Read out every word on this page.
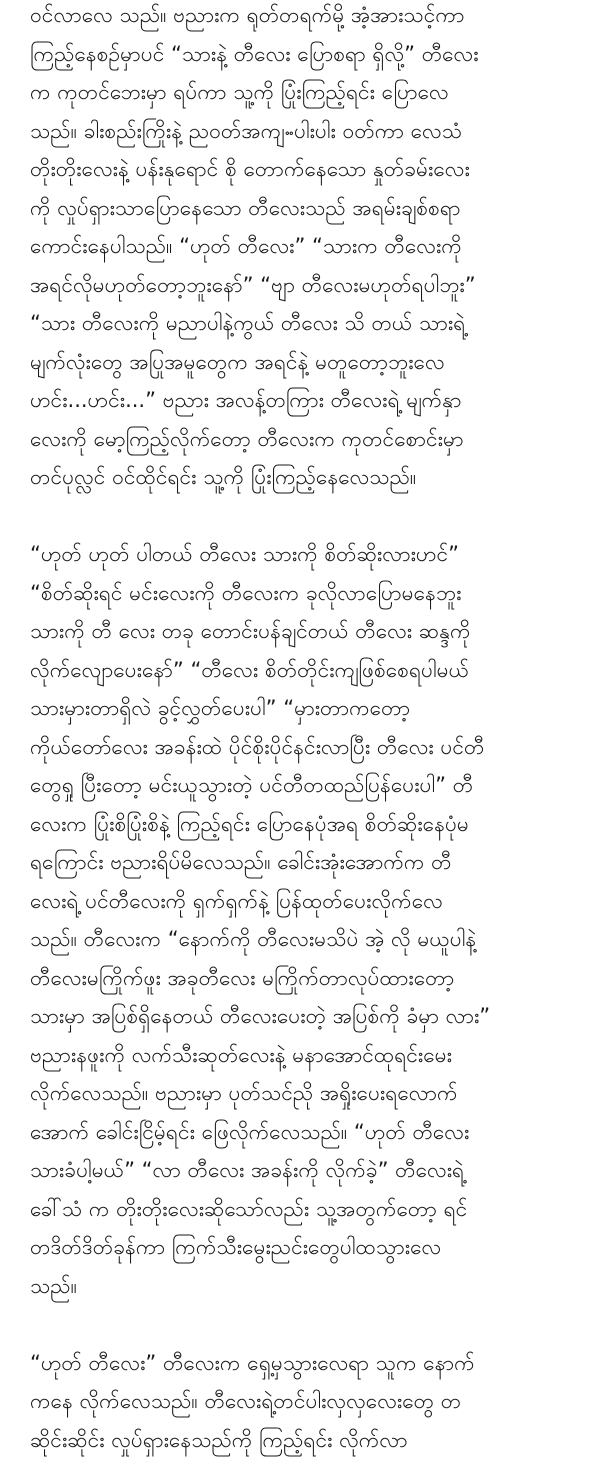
ဝင်လာလေ သည်။ ဗညားက ရုတ်တရက်မို့ အံ့အားသင့်ကာ
ကြည့်နေစဥ်မှာပင် “သားနဲ့ တီလေး ပြောစရာ ရှိလို့” တီလေး
က ကုတင်ဘေးမှာ ရပ်ကာ သူ့ကို ပြုံးကြည့်ရင်း ပြောလေ
သည်။ ခါးစည်းကြိုးနဲ့ ညဝတ်အကျႌပါးပါး ဝတ်ကာ လေသံ
တိုးတိုးလေးနဲ့ ပန်းနုရောင် စို တောက်နေသော နှုတ်ခမ်းလေး
ကို လှုပ်ရှားသာပြောနေသော တီလေးသည် အရမ်းချစ်စရာ
ကောင်းနေပါသည်။ “ဟုတ် တီလေး” “သားက တီလေးကို
အရင်လိုမဟုတ်တော့ဘူးနော်” “ဗျာ တီလေးမဟုတ်ရပါဘူး”
“သား တီလေးကို မညာပါနဲ့ကွယ် တီလေး သိ တယ် သားရဲ့
မျက်လုံးတွေ အပြုအမူတွေက အရင်နဲ့ မတူတော့ဘူးလေ
ဟင်း...ဟင်း...” ဗညား အလန့်တကြား တီလေးရဲ့ မျက်နှာ
လေးကို မော့ကြည့်လိုက်တော့ တီလေးက ကုတင်စောင်းမှာ
တင်ပုလ္လင် ဝင်ထိုင်ရင်း သူ့ကို ပြုံးကြည့်နေလေသည်။
“ဟုတ် ဟုတ် ပါတယ် တီလေး သားကို စိတ်ဆိုးလားဟင်”
“စိတ်ဆိုးရင် မင်းလေးကို တီလေးက ခုလိုလာပြောမနေဘူး
သားကို တီ လေး တခု တောင်းပန်ချင်တယ် တီလေး ဆန္ဒကို
လိုက်လျောပေးနော်” “တီလေး စိတ်တိုင်းကျဖြစ်စေရပါမယ်
သားမှားတာရှိလဲ ခွင့်လွှတ်ပေးပါ” “မှားတာကတော့
ကိုယ်တော်လေး အခန်းထဲ ပိုင်စိုးပိုင်နင်းလာပြီး တီလေး ပင်တီ
တွေရှု ပြီးတော့ မင်းယူသွားတဲ့ ပင်တီတထည်ပြန်ပေးပါ” တီ
လေးက ပြုံးစိပြုံးစိနဲ့ ကြည့်ရင်း ပြောနေပုံအရ စိတ်ဆိုးနေပုံမ
ရကြောင်း ဗညားရိပ်မိလေသည်။ ခေါင်းအုံးအောက်က တီ
လေးရဲ့ ပင်တီလေးကို ရှက်ရှက်နဲ့ ပြန်ထုတ်ပေးလိုက်လေ
သည်။ တီလေးက “နောက်ကို တီလေးမသိပဲ အဲ့ လို မယူပါနဲ့
တီလေးမကြိုက်ဖူး အခုတီလေး မကြိုက်တာလုပ်ထားတော့
သားမှာ အပြစ်ရှိနေတယ် တီလေးပေးတဲ့ အပြစ်ကို ခံမှာ လား”
ဗညားနဖူးကို လက်သီးဆုတ်လေးနဲ့ မနာအောင်ထုရင်းမေး
လိုက်လေသည်။ ဗညားမှာ ပုတ်သင်ညို အရှိုးပေးရလောက်
အောက် ခေါင်းငြိမ့်ရင်း ဖြေလိုက်လေသည်။ “ဟုတ် တီလေး
သားခံပါ့မယ်” “လာ တီလေး အခန်းကို လိုက်ခဲ့” တီလေးရဲ့
ခေါ်သံ က တိုးတိုးလေးဆိုသော်လည်း သူ့အတွက်တော့ ရင်
တဒိတ်ဒိတ်ခုန်ကာ ကြက်သီးမွေးညင်းတွေပါထသွားလေ
သည်။
“ဟုတ် တီလေး” တီလေးက ရှေ့မှသွားလေရာ သူက နောက်
ကနေ လိုက်လေသည်။ တီလေးရဲ့တင်ပါးလှလှလေးတွေ တ
ဆိုင်းဆိုင်း လှုပ်ရှားနေသည်ကို ကြည့်ရင်း လိုက်လာ
